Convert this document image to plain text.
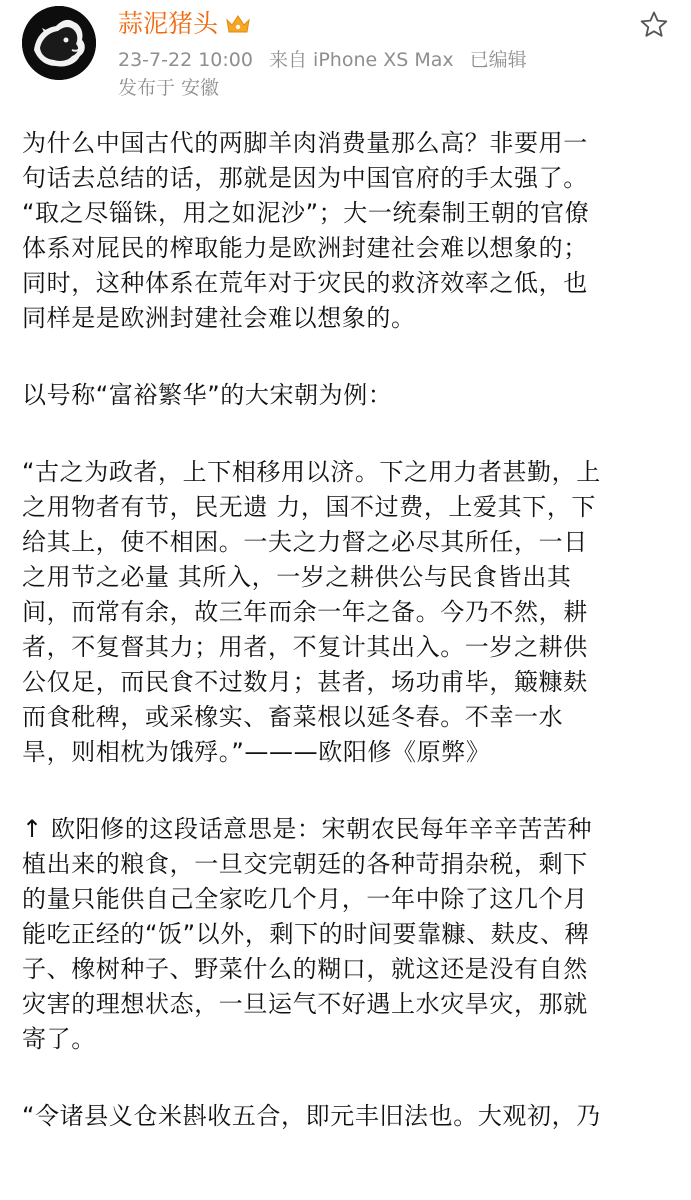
蒜泥猪头
23-7-22 10:00 来自 iPhone XS Max 已编辑
发布于 安徽

为什么中国古代的两脚羊肉消费量那么高？非要用一
句话去总结的话，那就是因为中国官府的手太强了。
“取之尽锱铢，用之如泥沙”；大一统秦制王朝的官僚
体系对屁民的榨取能力是欧洲封建社会难以想象的；
同时，这种体系在荒年对于灾民的救济效率之低，也
同样是是欧洲封建社会难以想象的。

以号称“富裕繁华”的大宋朝为例：

“古之为政者，上下相移用以济。下之用力者甚勤，上
之用物者有节，民无遗 力，国不过费，上爱其下，下
给其上，使不相困。一夫之力督之必尽其所任，一日
之用节之必量 其所入，一岁之耕供公与民食皆出其
间，而常有余，故三年而余一年之备。今乃不然，耕
者，不复督其力；用者，不复计其出入。一岁之耕供
公仅足，而民食不过数月；甚者，场功甫毕，簸糠麸
而食秕稗，或采橡实、畜菜根以延冬春。不幸一水
旱，则相枕为饿殍。”———欧阳修《原弊》

↑ 欧阳修的这段话意思是：宋朝农民每年辛辛苦苦种
植出来的粮食，一旦交完朝廷的各种苛捐杂税，剩下
的量只能供自己全家吃几个月，一年中除了这几个月
能吃正经的“饭”以外，剩下的时间要靠糠、麸皮、稗
子、橡树种子、野菜什么的糊口，就这还是没有自然
灾害的理想状态，一旦运气不好遇上水灾旱灾，那就
寄了。

“令诸县义仓米斟收五合，即元丰旧法也。大观初，乃
